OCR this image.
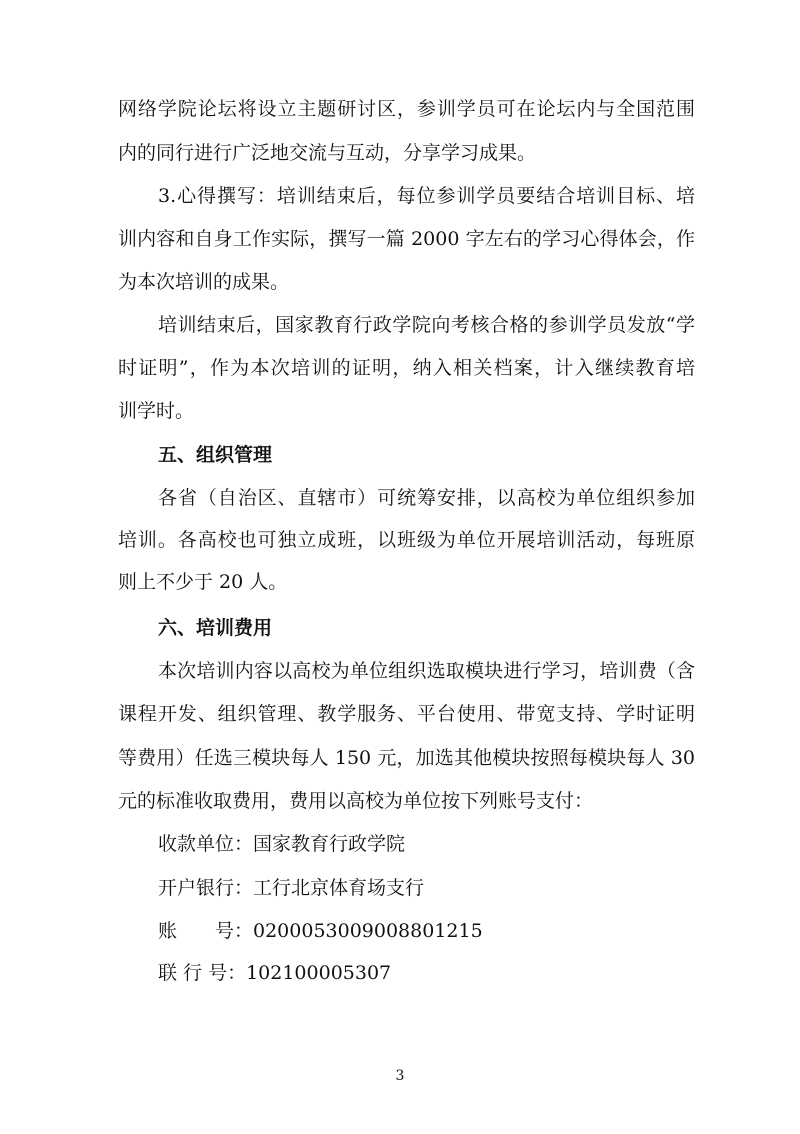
网络学院论坛将设立主题研讨区，参训学员可在论坛内与全国范围
内的同行进行广泛地交流与互动，分享学习成果。
3.心得撰写：培训结束后，每位参训学员要结合培训目标、培
训内容和自身工作实际，撰写一篇 2000 字左右的学习心得体会，作
为本次培训的成果。
培训结束后，国家教育行政学院向考核合格的参训学员发放“学
时证明”，作为本次培训的证明，纳入相关档案，计入继续教育培
训学时。
五、组织管理
各省（自治区、直辖市）可统筹安排，以高校为单位组织参加
培训。各高校也可独立成班，以班级为单位开展培训活动，每班原
则上不少于 20 人。
六、培训费用
本次培训内容以高校为单位组织选取模块进行学习，培训费（含
课程开发、组织管理、教学服务、平台使用、带宽支持、学时证明
等费用）任选三模块每人 150 元，加选其他模块按照每模块每人 30
元的标准收取费用，费用以高校为单位按下列账号支付：
收款单位：国家教育行政学院
开户银行：工行北京体育场支行
账　　号：0200053009008801215
联 行 号：102100005307
3
